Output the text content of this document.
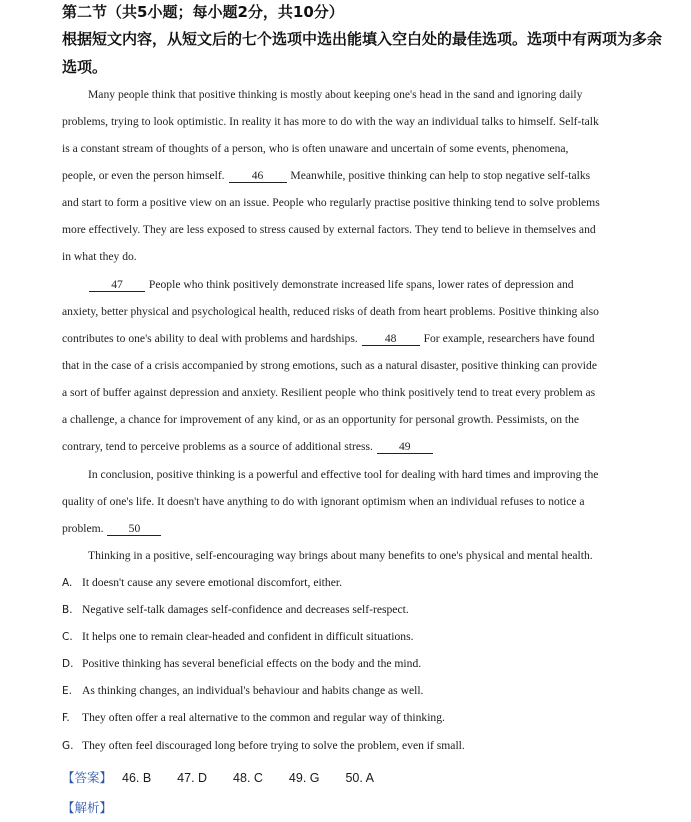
第二节（共5小题；每小题2分，共10分）
根据短文内容，从短文后的七个选项中选出能填入空白处的最佳选项。选项中有两项为多余
选项。
Many people think that positive thinking is mostly about keeping one's head in the sand and ignoring daily
problems, trying to look optimistic. In reality it has more to do with the way an individual talks to himself. Self-talk
is a constant stream of thoughts of a person, who is often unaware and uncertain of some events, phenomena,
people, or even the person himself. 46 Meanwhile, positive thinking can help to stop negative self-talks
and start to form a positive view on an issue. People who regularly practise positive thinking tend to solve problems
more effectively. They are less exposed to stress caused by external factors. They tend to believe in themselves and
in what they do.
47 People who think positively demonstrate increased life spans, lower rates of depression and
anxiety, better physical and psychological health, reduced risks of death from heart problems. Positive thinking also
contributes to one's ability to deal with problems and hardships. 48 For example, researchers have found
that in the case of a crisis accompanied by strong emotions, such as a natural disaster, positive thinking can provide
a sort of buffer against depression and anxiety. Resilient people who think positively tend to treat every problem as
a challenge, a chance for improvement of any kind, or as an opportunity for personal growth. Pessimists, on the
contrary, tend to perceive problems as a source of additional stress. 49
In conclusion, positive thinking is a powerful and effective tool for dealing with hard times and improving the
quality of one's life. It doesn't have anything to do with ignorant optimism when an individual refuses to notice a
problem. 50
Thinking in a positive, self-encouraging way brings about many benefits to one's physical and mental health.
A. It doesn't cause any severe emotional discomfort, either.
B. Negative self-talk damages self-confidence and decreases self-respect.
C. It helps one to remain clear-headed and confident in difficult situations.
D. Positive thinking has several beneficial effects on the body and the mind.
E. As thinking changes, an individual's behaviour and habits change as well.
F. They often offer a real alternative to the common and regular way of thinking.
G. They often feel discouraged long before trying to solve the problem, even if small.
【答案】 46. B 47. D 48. C 49. G 50. A
【解析】
